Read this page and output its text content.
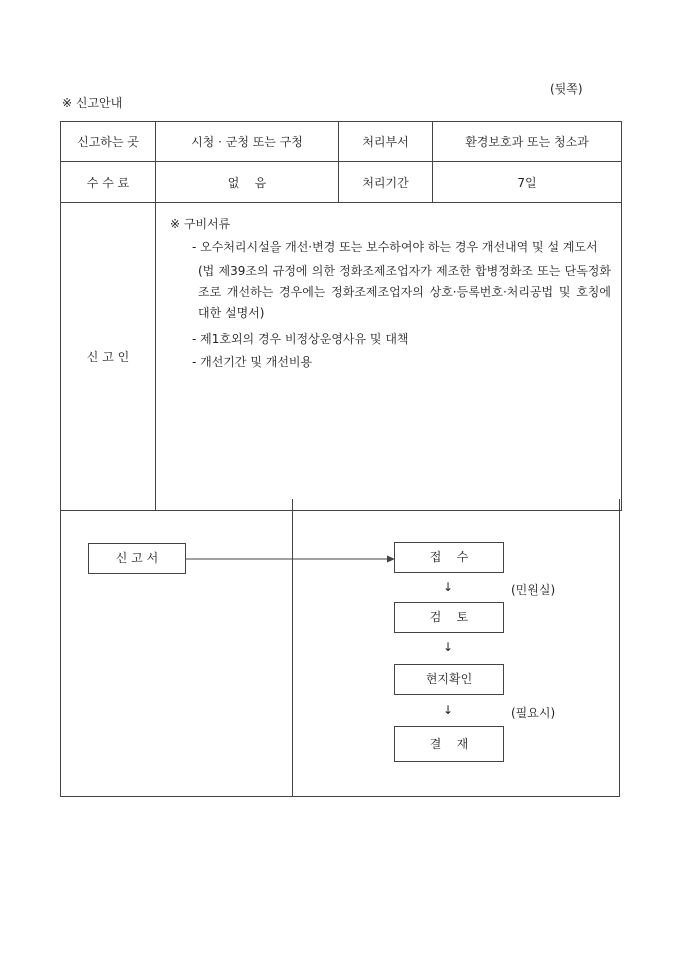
(뒷쪽)
※ 신고안내
신고하는 곳	시청 · 군청 또는 구청	처리부서	환경보호과 또는 청소과
수 수 료	없    음	처리기간	7일
신 고 인	※ 구비서류
- 오수처리시설을 개선·변경 또는 보수하여야 하는 경우 개선내역 및 설 계도서
(법 제39조의 규정에 의한 정화조제조업자가 제조한 합병정화조 또는 단독정화조로 개선하는 경우에는 정화조제조업자의 상호·등록번호·처리공법 및 호칭에 대한 설명서)
- 제1호외의 경우 비정상운영사유 및 대책
- 개선기간 및 개선비용		
신 고 서	접    수
↓	(민원실)
검    토
↓
현지확인
↓	(필요시)
결    재
